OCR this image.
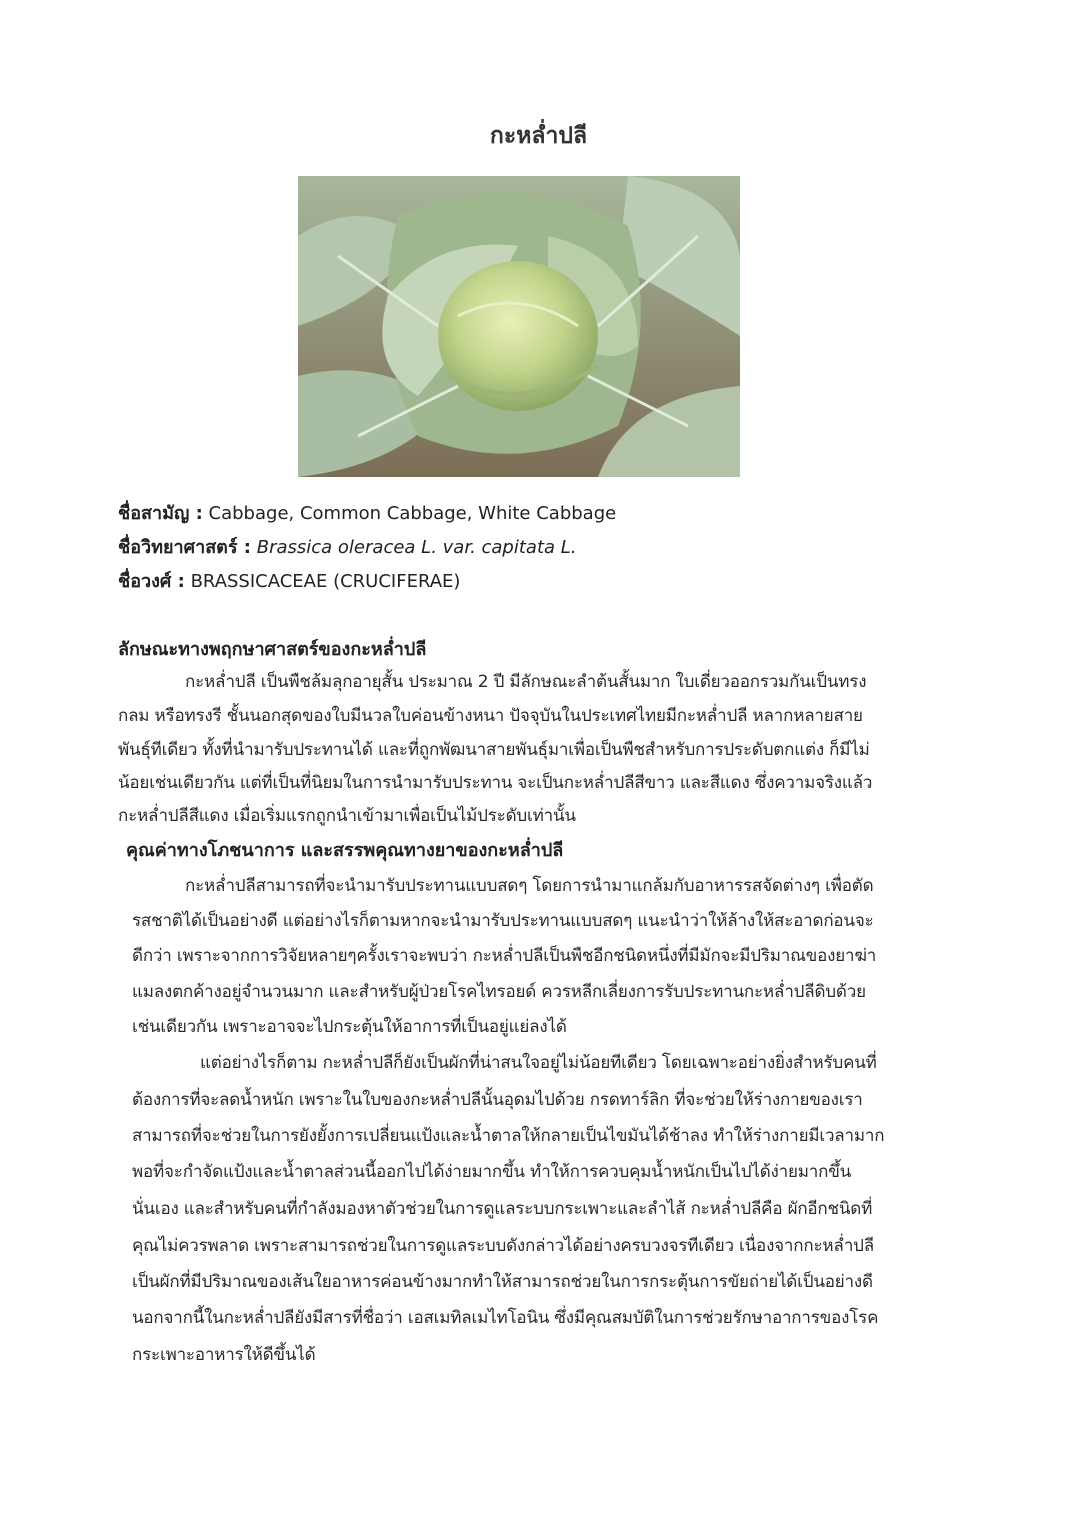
กะหล่ำปลี
ชื่อสามัญ : Cabbage, Common Cabbage, White Cabbage
ชื่อวิทยาศาสตร์ : Brassica oleracea L. var. capitata L.
ชื่อวงศ์ : BRASSICACEAE (CRUCIFERAE)
ลักษณะทางพฤกษาศาสตร์ของกะหล่ำปลี
กะหล่ำปลี เป็นพืชล้มลุกอายุสั้น ประมาณ 2 ปี มีลักษณะลำต้นสั้นมาก ใบเดี่ยวออกรวมกันเป็นทรง
กลม หรือทรงรี ชั้นนอกสุดของใบมีนวลใบค่อนข้างหนา ปัจจุบันในประเทศไทยมีกะหล่ำปลี หลากหลายสาย
พันธุ์ทีเดียว ทั้งที่นำมารับประทานได้ และที่ถูกพัฒนาสายพันธุ์มาเพื่อเป็นพืชสำหรับการประดับตกแต่ง ก็มีไม่
น้อยเช่นเดียวกัน แต่ที่เป็นที่นิยมในการนำมารับประทาน จะเป็นกะหล่ำปลีสีขาว และสีแดง ซึ่งความจริงแล้ว
กะหล่ำปลีสีแดง เมื่อเริ่มแรกถูกนำเข้ามาเพื่อเป็นไม้ประดับเท่านั้น
คุณค่าทางโภชนาการ และสรรพคุณทางยาของกะหล่ำปลี
กะหล่ำปลีสามารถที่จะนำมารับประทานแบบสดๆ โดยการนำมาแกล้มกับอาหารรสจัดต่างๆ เพื่อตัด
รสชาติได้เป็นอย่างดี แต่อย่างไรก็ตามหากจะนำมารับประทานแบบสดๆ แนะนำว่าให้ล้างให้สะอาดก่อนจะ
ดีกว่า เพราะจากการวิจัยหลายๆครั้งเราจะพบว่า กะหล่ำปลีเป็นพืชอีกชนิดหนึ่งที่มีมักจะมีปริมาณของยาฆ่า
แมลงตกค้างอยู่จำนวนมาก และสำหรับผู้ป่วยโรคไทรอยด์ ควรหลีกเลี่ยงการรับประทานกะหล่ำปลีดิบด้วย
เช่นเดียวกัน เพราะอาจจะไปกระตุ้นให้อาการที่เป็นอยู่แย่ลงได้
แต่อย่างไรก็ตาม กะหล่ำปลีก็ยังเป็นผักที่น่าสนใจอยู่ไม่น้อยทีเดียว โดยเฉพาะอย่างยิ่งสำหรับคนที่
ต้องการที่จะลดน้ำหนัก เพราะในใบของกะหล่ำปลีนั้นอุดมไปด้วย กรดทาร์ลิก ที่จะช่วยให้ร่างกายของเรา
สามารถที่จะช่วยในการยังยั้งการเปลี่ยนแป้งและน้ำตาลให้กลายเป็นไขมันได้ช้าลง ทำให้ร่างกายมีเวลามาก
พอที่จะกำจัดแป้งและน้ำตาลส่วนนี้ออกไปได้ง่ายมากขึ้น ทำให้การควบคุมน้ำหนักเป็นไปได้ง่ายมากขึ้น
นั่นเอง และสำหรับคนที่กำลังมองหาตัวช่วยในการดูแลระบบกระเพาะและลำไส้ กะหล่ำปลีคือ ผักอีกชนิดที่
คุณไม่ควรพลาด เพราะสามารถช่วยในการดูแลระบบดังกล่าวได้อย่างครบวงจรทีเดียว เนื่องจากกะหล่ำปลี
เป็นผักที่มีปริมาณของเส้นใยอาหารค่อนข้างมากทำให้สามารถช่วยในการกระตุ้นการขัยถ่ายได้เป็นอย่างดี
นอกจากนี้ในกะหล่ำปลียังมีสารที่ชื่อว่า เอสเมทิลเมไทโอนิน ซึ่งมีคุณสมบัติในการช่วยรักษาอาการของโรค
กระเพาะอาหารให้ดีขึ้นได้
